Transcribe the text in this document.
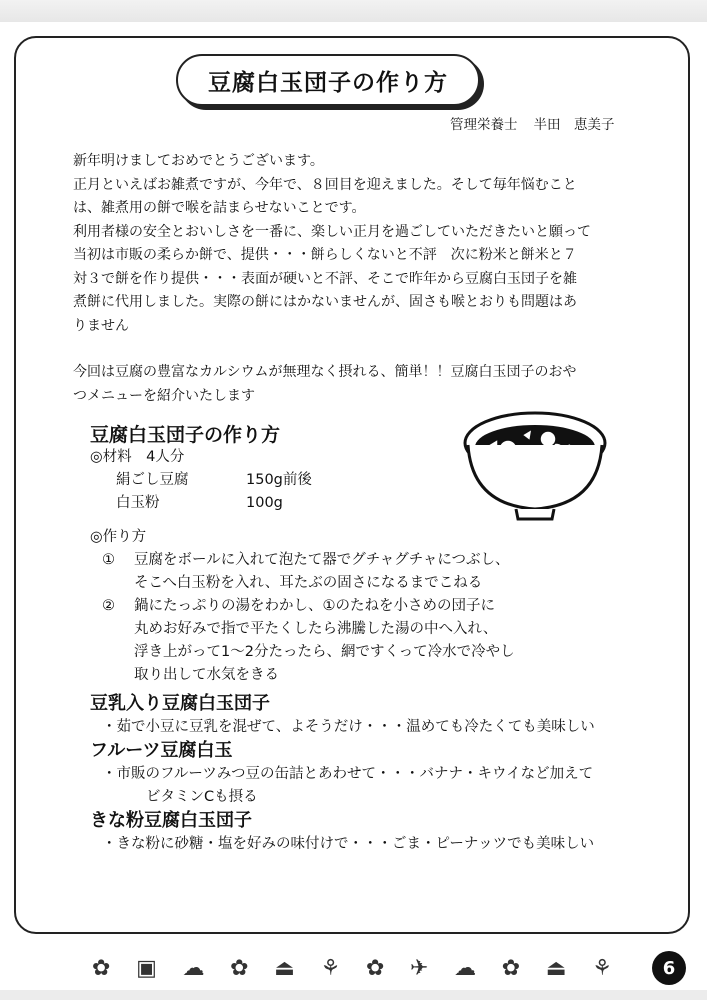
豆腐白玉団子の作り方
管理栄養士 半田　恵美子

新年明けましておめでとうございます。

正月といえばお雑煮ですが、今年で、８回目を迎えました。そして毎年悩むこと

は、雑煮用の餅で喉を詰まらせないことです。

利用者様の安全とおいしさを一番に、楽しい正月を過ごしていただきたいと願って

当初は市販の柔らか餅で、提供・・・餅らしくないと不評　次に粉米と餅米と７

対３で餅を作り提供・・・表面が硬いと不評、そこで昨年から豆腐白玉団子を雑

煮餅に代用しました。実際の餅にはかないませんが、固さも喉とおりも問題はあ

りません

今回は豆腐の豊富なカルシウムが無理なく摂れる、簡単！！豆腐白玉団子のおや

つメニューを紹介いたします

豆腐白玉団子の作り方
◎材料　4人分
絹ごし豆腐	150g前後
白玉粉	100g
◎作り方
①	豆腐をボールに入れて泡たて器でグチャグチャにつぶし、
そこへ白玉粉を入れ、耳たぶの固さになるまでこねる
②	鍋にたっぷりの湯をわかし、①のたねを小さめの団子に
丸めお好みで指で平たくしたら沸騰した湯の中へ入れ、
浮き上がって1～2分たったら、網ですくって冷水で冷やし
取り出して水気をきる
豆乳入り豆腐白玉団子
・茹で小豆に豆乳を混ぜて、よそうだけ・・・温めても冷たくても美味しい
フルーツ豆腐白玉
・市販のフルーツみつ豆の缶詰とあわせて・・・バナナ・キウイなど加えて
ビタミンCも摂る
きな粉豆腐白玉団子
・きな粉に砂糖・塩を好みの味付けで・・・ごま・ピーナッツでも美味しい
✿ ▣ ☁ ✿ ⏏ ⚘ ✿ ✈ ☁ ✿ ⏏ ⚘	6
